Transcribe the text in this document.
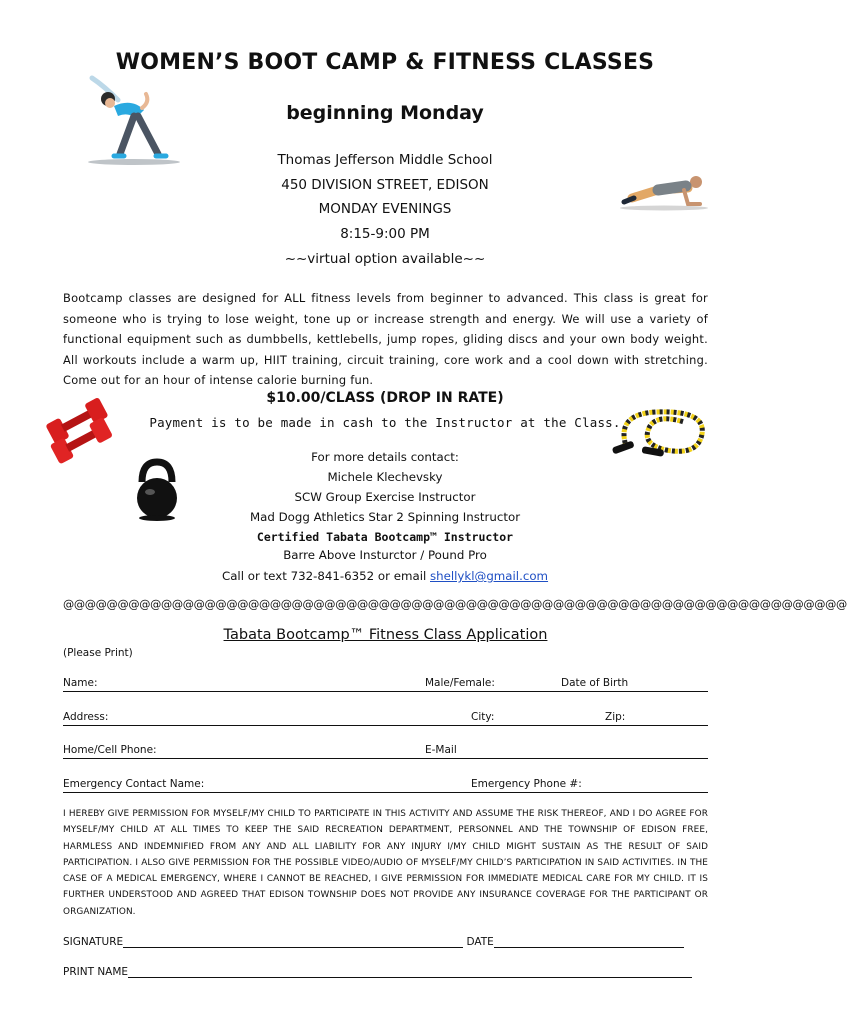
WOMEN’S BOOT CAMP & FITNESS CLASSES
beginning Monday
Thomas Jefferson Middle School
450 DIVISION STREET, EDISON
MONDAY EVENINGS
8:15-9:00 PM
~~virtual option available~~
Bootcamp classes are designed for ALL fitness levels from beginner to advanced. This class is great for someone who is trying to lose weight, tone up or increase strength and energy. We will use a variety of functional equipment such as dumbbells, kettlebells, jump ropes, gliding discs and your own body weight. All workouts include a warm up, HIIT training, circuit training, core work and a cool down with stretching. Come out for an hour of intense calorie burning fun.
$10.00/CLASS (DROP IN RATE)
Payment is to be made in cash to the Instructor at the Class.
For more details contact:
Michele Klechevsky
SCW Group Exercise Instructor
Mad Dogg Athletics Star 2 Spinning Instructor
Certified Tabata Bootcamp™ Instructor
Barre Above Insturctor / Pound Pro
Call or text 732-841-6352 or email shellykl@gmail.com
@@@@@@@@@@@@@@@@@@@@@@@@@@@@@@@@@@@@@@@@@@@@@@@@@@@@@@@@@@@@@@@@@@@@@@@@
Tabata Bootcamp™ Fitness Class Application
(Please Print)
Name:	Male/Female:	Date of Birth
Address:	City:	Zip:
Home/Cell Phone:	E-Mail
Emergency Contact Name:	Emergency Phone #:
I HEREBY GIVE PERMISSION FOR MYSELF/MY CHILD TO PARTICIPATE IN THIS ACTIVITY AND ASSUME THE RISK THEREOF, AND I DO AGREE FOR MYSELF/MY CHILD AT ALL TIMES TO KEEP THE SAID RECREATION DEPARTMENT, PERSONNEL AND THE TOWNSHIP OF EDISON FREE, HARMLESS AND INDEMNIFIED FROM ANY AND ALL LIABILITY FOR ANY INJURY I/MY CHILD MIGHT SUSTAIN AS THE RESULT OF SAID PARTICIPATION. I ALSO GIVE PERMISSION FOR THE POSSIBLE VIDEO/AUDIO OF MYSELF/MY CHILD’S PARTICIPATION IN SAID ACTIVITIES. IN THE CASE OF A MEDICAL EMERGENCY, WHERE I CANNOT BE REACHED, I GIVE PERMISSION FOR IMMEDIATE MEDICAL CARE FOR MY CHILD. IT IS FURTHER UNDERSTOOD AND AGREED THAT EDISON TOWNSHIP DOES NOT PROVIDE ANY INSURANCE COVERAGE FOR THE PARTICIPANT OR ORGANIZATION.
SIGNATURE	DATE
PRINT NAME
